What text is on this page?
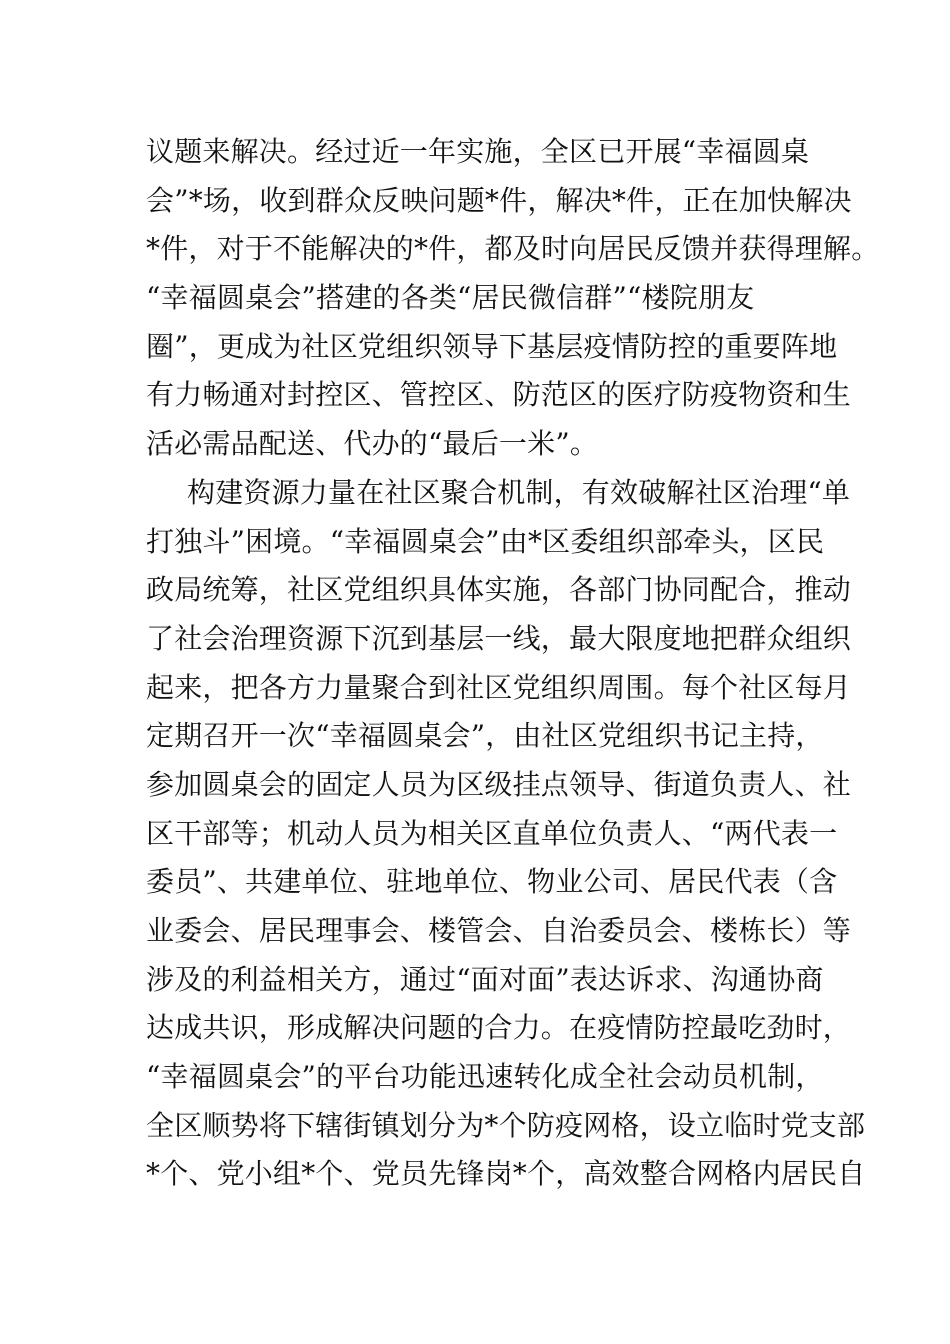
议题来解决。经过近一年实施，全区已开展“幸福圆桌
会”*场，收到群众反映问题*件，解决*件，正在加快解决
*件，对于不能解决的*件，都及时向居民反馈并获得理解。
“幸福圆桌会”搭建的各类“居民微信群”“楼院朋友
圈”，更成为社区党组织领导下基层疫情防控的重要阵地
有力畅通对封控区、管控区、防范区的医疗防疫物资和生
活必需品配送、代办的“最后一米”。
构建资源力量在社区聚合机制，有效破解社区治理“单
打独斗”困境。“幸福圆桌会”由*区委组织部牵头，区民
政局统筹，社区党组织具体实施，各部门协同配合，推动
了社会治理资源下沉到基层一线，最大限度地把群众组织
起来，把各方力量聚合到社区党组织周围。每个社区每月
定期召开一次“幸福圆桌会”，由社区党组织书记主持，
参加圆桌会的固定人员为区级挂点领导、街道负责人、社
区干部等；机动人员为相关区直单位负责人、“两代表一
委员”、共建单位、驻地单位、物业公司、居民代表（含
业委会、居民理事会、楼管会、自治委员会、楼栋长）等
涉及的利益相关方，通过“面对面”表达诉求、沟通协商
达成共识，形成解决问题的合力。在疫情防控最吃劲时，
“幸福圆桌会”的平台功能迅速转化成全社会动员机制，
全区顺势将下辖街镇划分为*个防疫网格，设立临时党支部
*个、党小组*个、党员先锋岗*个，高效整合网格内居民自
